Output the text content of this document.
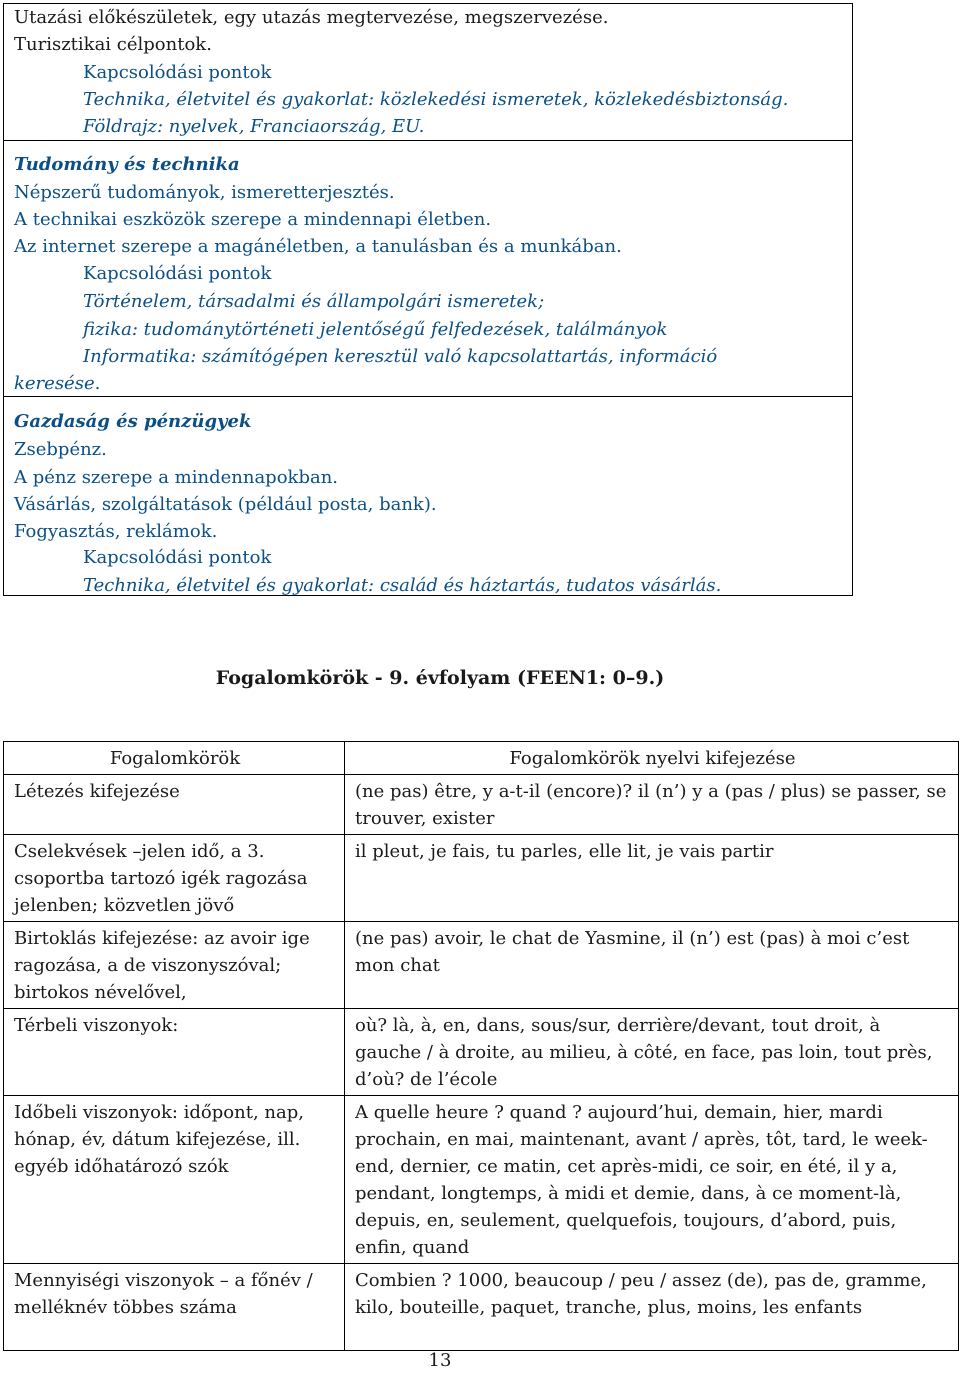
Utazási előkészületek, egy utazás megtervezése, megszervezése.
Turisztikai célpontok.
Kapcsolódási pontok
Technika, életvitel és gyakorlat: közlekedési ismeretek, közlekedésbiztonság.
Földrajz: nyelvek, Franciaország, EU.
Tudomány és technika
Népszerű tudományok, ismeretterjesztés.
A technikai eszközök szerepe a mindennapi életben.
Az internet szerepe a magánéletben, a tanulásban és a munkában.
Kapcsolódási pontok
Történelem, társadalmi és állampolgári ismeretek;
fizika: tudománytörténeti jelentőségű felfedezések, találmányok
Informatika: számítógépen keresztül való kapcsolattartás, információ
keresése.
Gazdaság és pénzügyek
Zsebpénz.
A pénz szerepe a mindennapokban.
Vásárlás, szolgáltatások (például posta, bank).
Fogyasztás, reklámok.
Kapcsolódási pontok
Technika, életvitel és gyakorlat: család és háztartás, tudatos vásárlás.
Fogalomkörök - 9. évfolyam (FEEN1: 0–9.)
Fogalomkörök	Fogalomkörök nyelvi kifejezése
Létezés kifejezése	(ne pas) être, y a-t-il (encore)? il (n’) y a (pas / plus) se passer, se trouver, exister
Cselekvések –jelen idő, a 3. csoportba tartozó igék ragozása jelenben; közvetlen jövő	il pleut, je fais, tu parles, elle lit, je vais partir
Birtoklás kifejezése: az avoir ige ragozása, a de viszonyszóval; birtokos névelővel,	(ne pas) avoir, le chat de Yasmine, il (n’) est (pas) à moi c’est mon chat
Térbeli viszonyok:	où? là, à, en, dans, sous/sur, derrière/devant, tout droit, à gauche / à droite, au milieu, à côté, en face, pas loin, tout près, d’où? de l’école
Időbeli viszonyok: időpont, nap, hónap, év, dátum kifejezése, ill. egyéb időhatározó szók	A quelle heure ? quand ? aujourd’hui, demain, hier, mardi prochain, en mai, maintenant, avant / après, tôt, tard, le week-end, dernier, ce matin, cet après-midi, ce soir, en été, il y a, pendant, longtemps, à midi et demie, dans, à ce moment-là, depuis, en, seulement, quelquefois, toujours, d’abord, puis, enfin, quand
Mennyiségi viszonyok – a főnév / melléknév többes száma	Combien ? 1000, beaucoup / peu / assez (de), pas de, gramme, kilo, bouteille, paquet, tranche, plus, moins, les enfants
13
